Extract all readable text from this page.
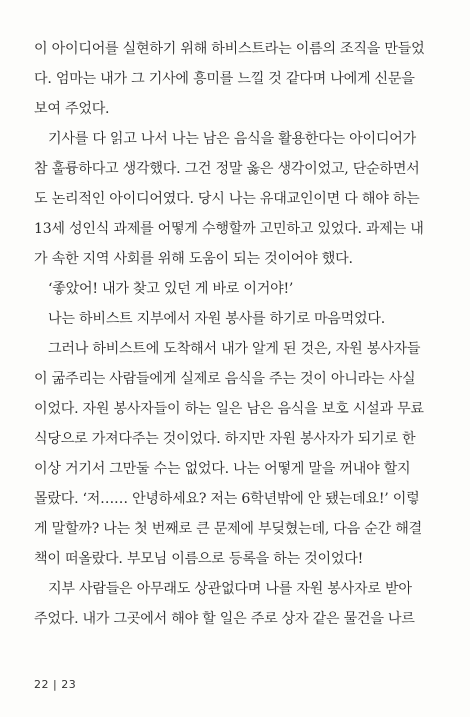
이 아이디어를 실현하기 위해 하비스트라는 이름의 조직을 만들었
다. 엄마는 내가 그 기사에 흥미를 느낄 것 같다며 나에게 신문을
보여 주었다.

기사를 다 읽고 나서 나는 남은 음식을 활용한다는 아이디어가
참 훌륭하다고 생각했다. 그건 정말 옳은 생각이었고, 단순하면서
도 논리적인 아이디어였다. 당시 나는 유대교인이면 다 해야 하는
13세 성인식 과제를 어떻게 수행할까 고민하고 있었다. 과제는 내
가 속한 지역 사회를 위해 도움이 되는 것이어야 했다.

‘좋았어! 내가 찾고 있던 게 바로 이거야!’

나는 하비스트 지부에서 자원 봉사를 하기로 마음먹었다.

그러나 하비스트에 도착해서 내가 알게 된 것은, 자원 봉사자들
이 굶주리는 사람들에게 실제로 음식을 주는 것이 아니라는 사실
이었다. 자원 봉사자들이 하는 일은 남은 음식을 보호 시설과 무료
식당으로 가져다주는 것이었다. 하지만 자원 봉사자가 되기로 한
이상 거기서 그만둘 수는 없었다. 나는 어떻게 말을 꺼내야 할지
몰랐다. ‘저…… 안녕하세요? 저는 6학년밖에 안 됐는데요!’ 이렇
게 말할까? 나는 첫 번째로 큰 문제에 부딪혔는데, 다음 순간 해결
책이 떠올랐다. 부모님 이름으로 등록을 하는 것이었다!

지부 사람들은 아무래도 상관없다며 나를 자원 봉사자로 받아
주었다. 내가 그곳에서 해야 할 일은 주로 상자 같은 물건을 나르

22 | 23
